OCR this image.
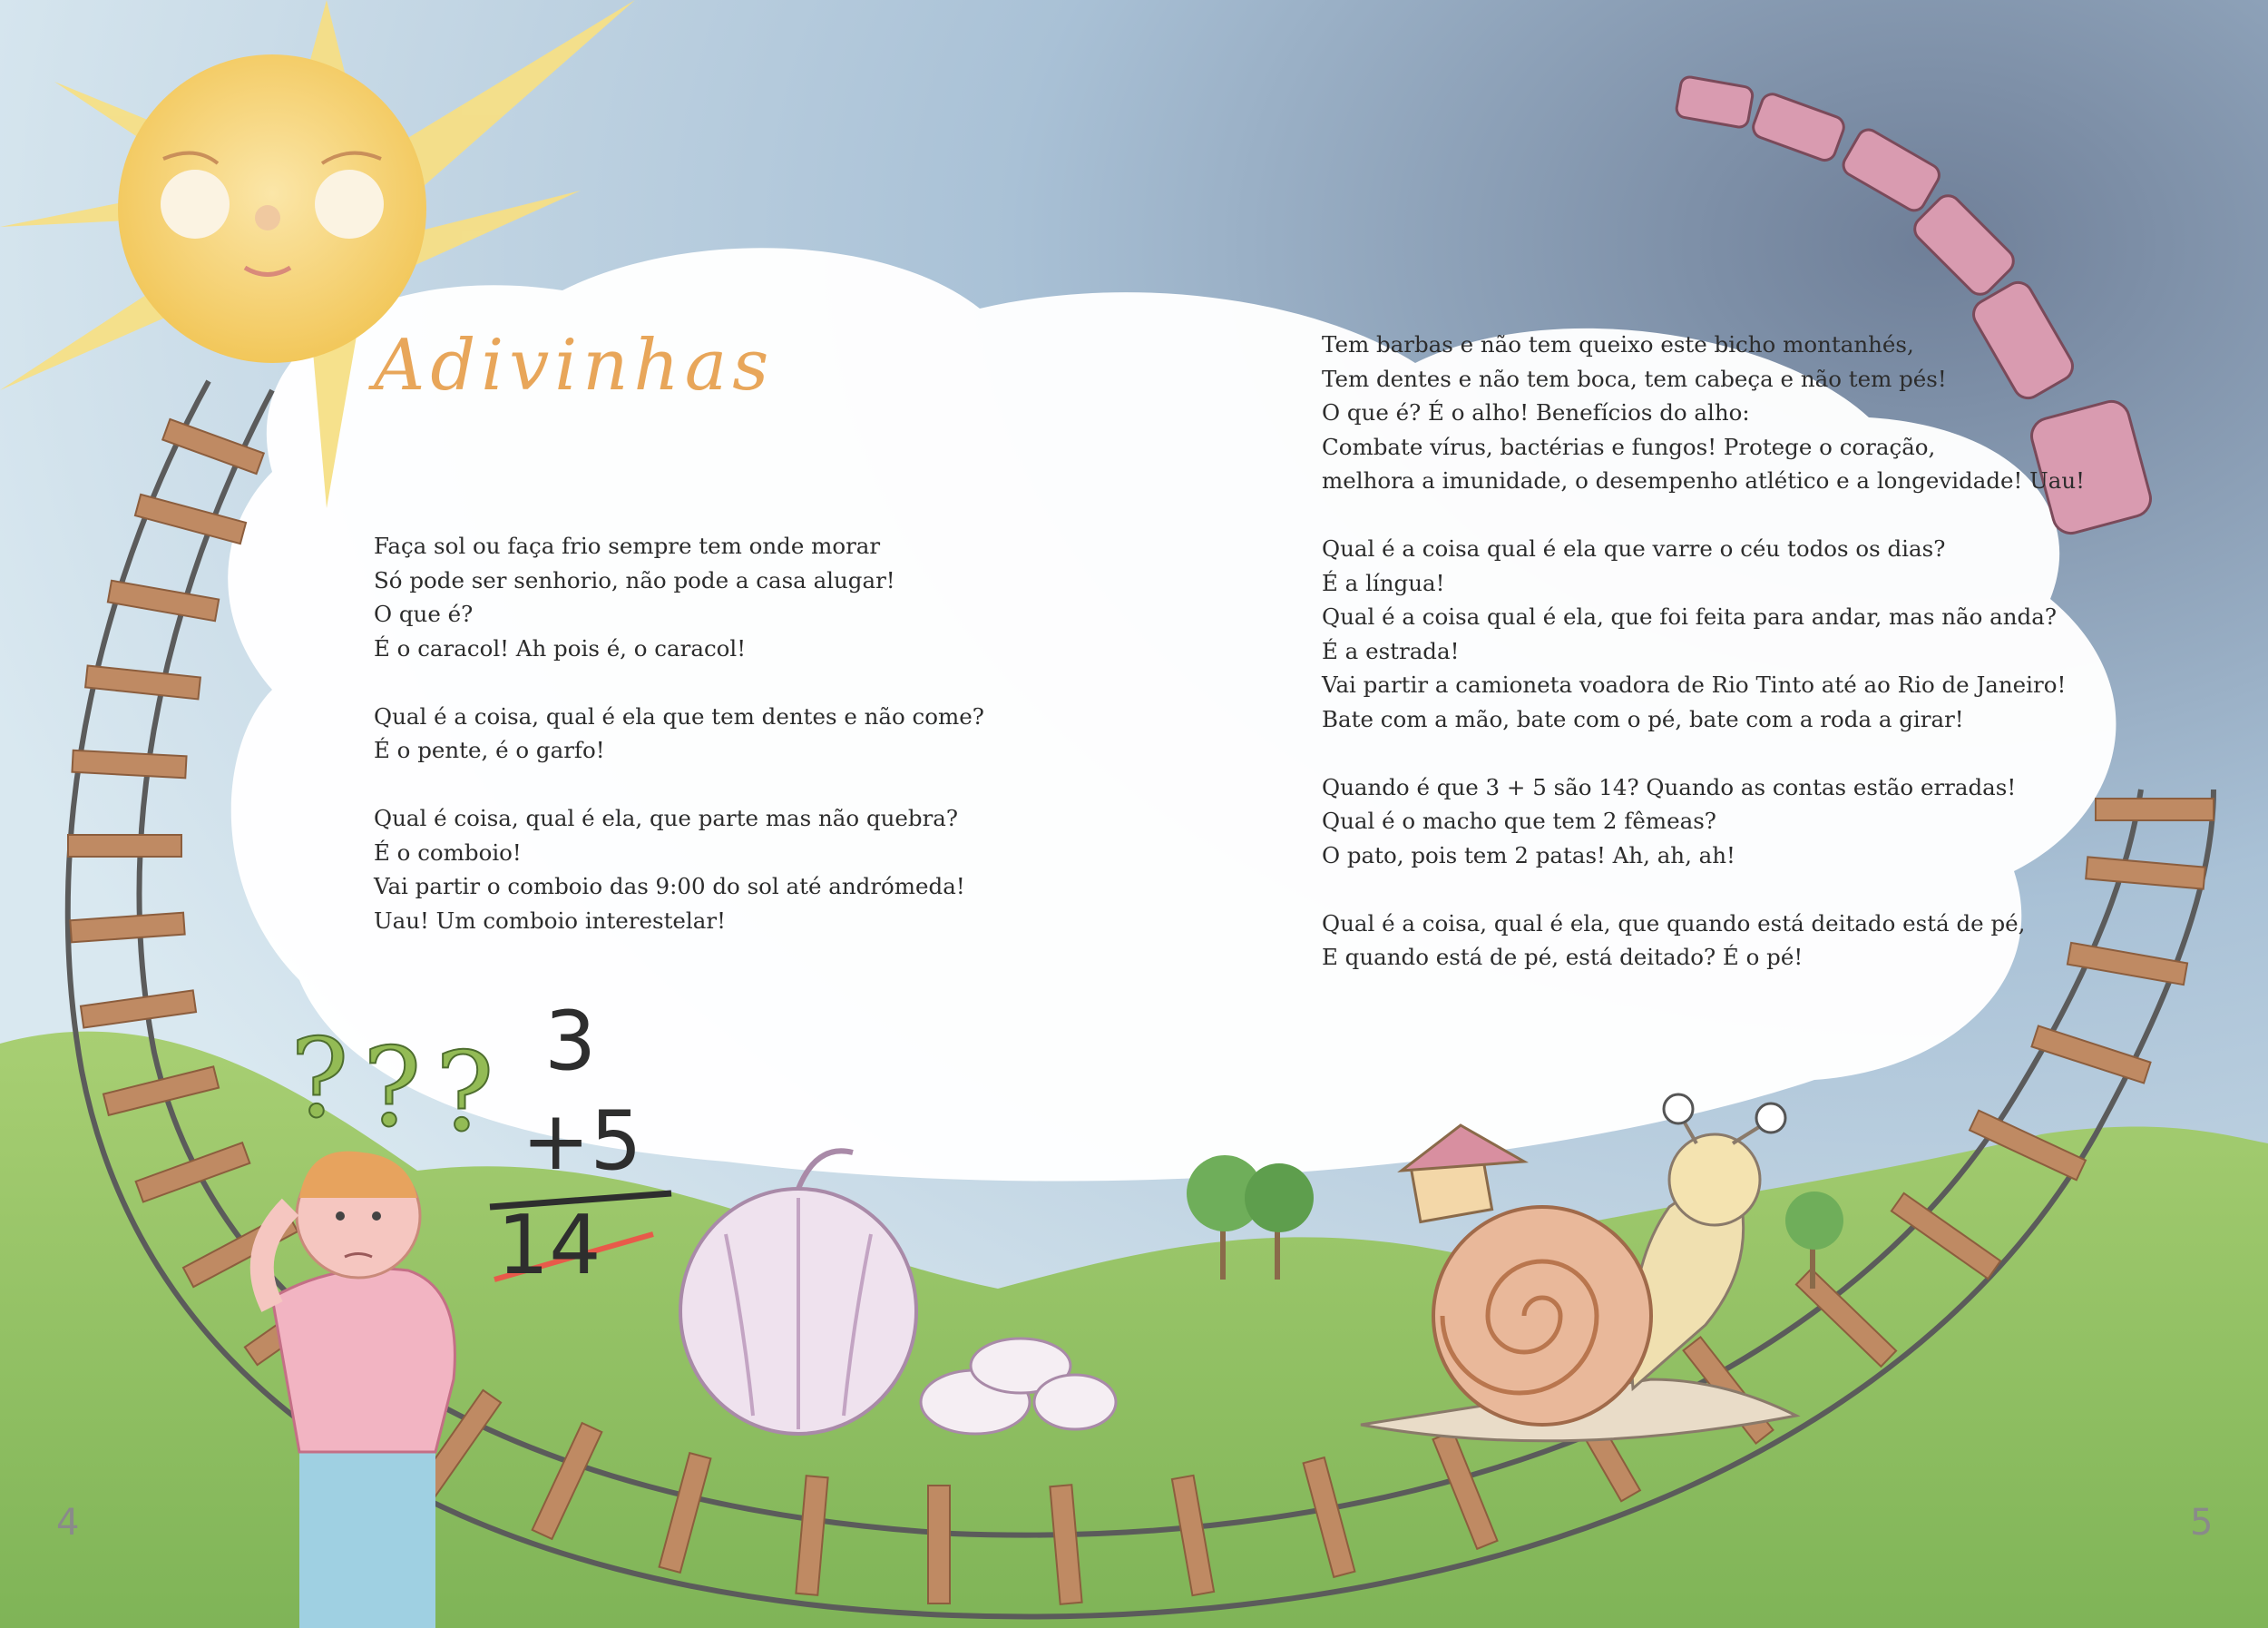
? ? ?
Adivinhas
Faça sol ou faça frio sempre tem onde morar
Só pode ser senhorio, não pode a casa alugar!
O que é?
É o caracol! Ah pois é, o caracol!
Qual é a coisa, qual é ela que tem dentes e não come?
É o pente, é o garfo!
Qual é coisa, qual é ela, que parte mas não quebra?
É o comboio!
Vai partir o comboio das 9:00 do sol até andrómeda!
Uau! Um comboio interestelar!
Tem barbas e não tem queixo este bicho montanhés,
Tem dentes e não tem boca, tem cabeça e não tem pés!
O que é? É o alho! Benefícios do alho:
Combate vírus, bactérias e fungos! Protege o coração,
melhora a imunidade, o desempenho atlético e a longevidade! Uau!
Qual é a coisa qual é ela que varre o céu todos os dias?
É a língua!
Qual é a coisa qual é ela, que foi feita para andar, mas não anda?
É a estrada!
Vai partir a camioneta voadora de Rio Tinto até ao Rio de Janeiro!
Bate com a mão, bate com o pé, bate com a roda a girar!
Quando é que 3 + 5 são 14? Quando as contas estão erradas!
Qual é o macho que tem 2 fêmeas?
O pato, pois tem 2 patas! Ah, ah, ah!
Qual é a coisa, qual é ela, que quando está deitado está de pé,
E quando está de pé, está deitado? É o pé!
3
+5
14
4	5
